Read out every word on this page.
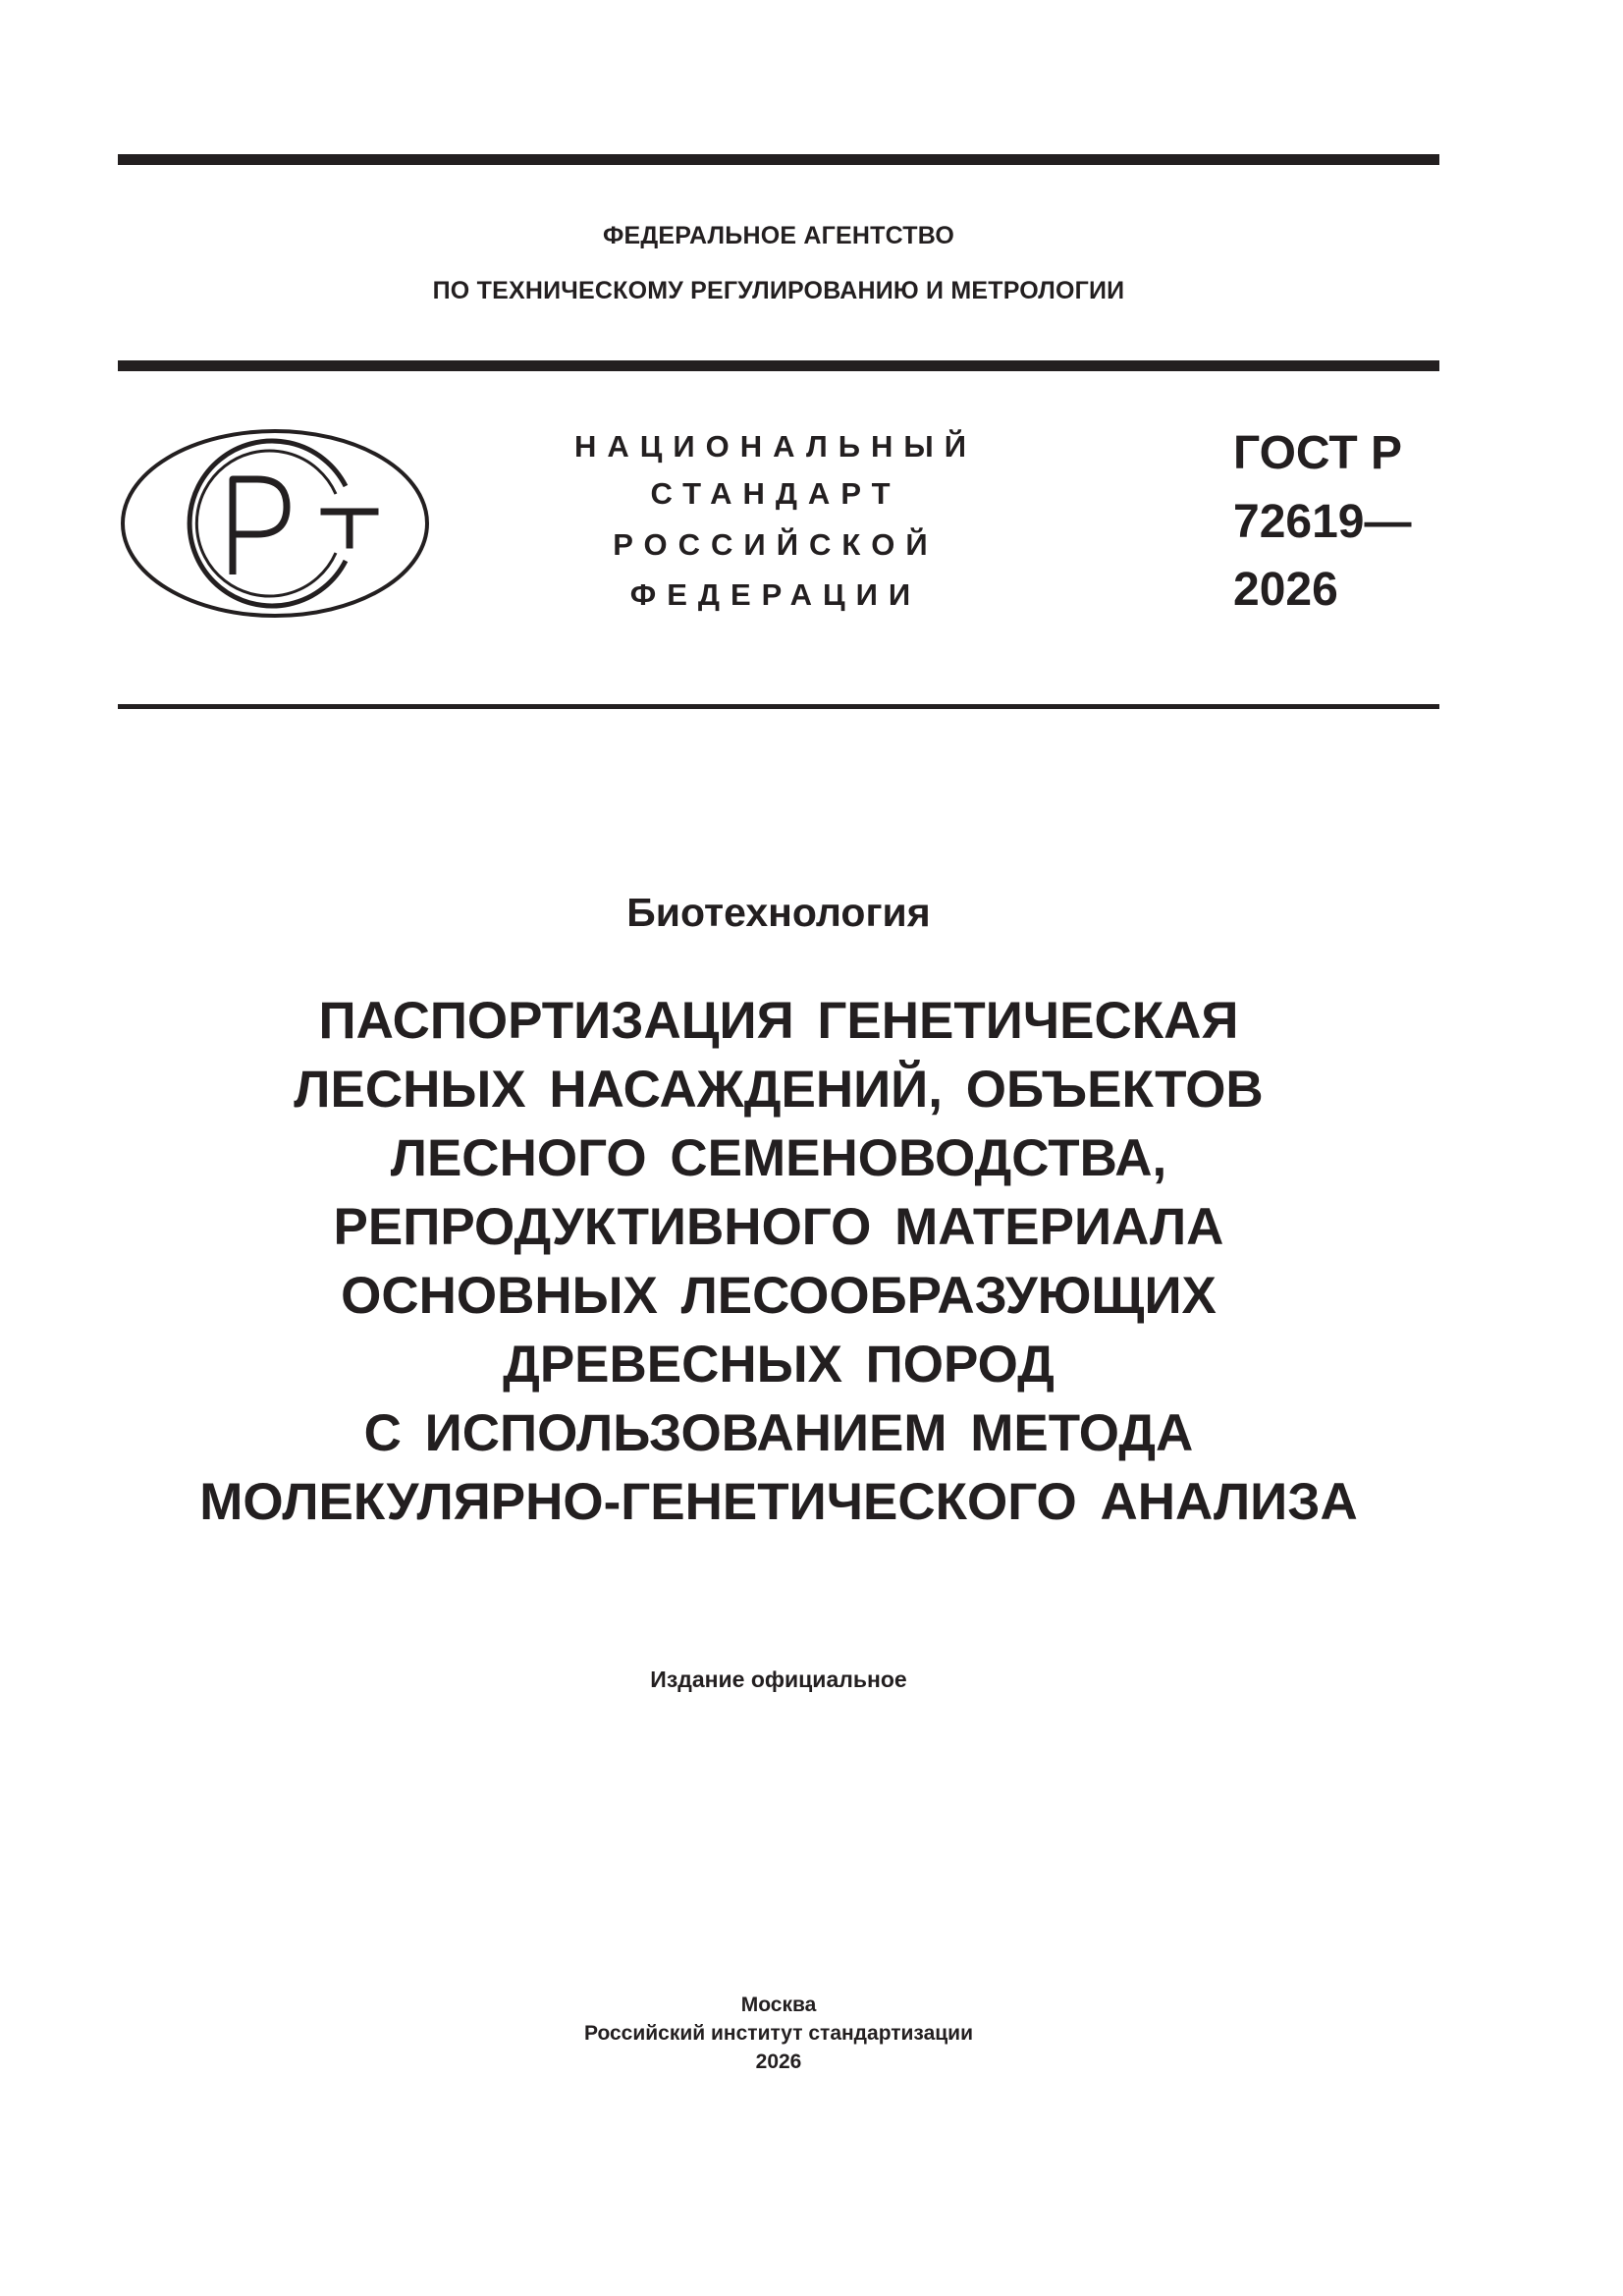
ФЕДЕРАЛЬНОЕ АГЕНТСТВО
ПО ТЕХНИЧЕСКОМУ РЕГУЛИРОВАНИЮ И МЕТРОЛОГИИ
НАЦИОНАЛЬНЫЙ
СТАНДАРТ
РОССИЙСКОЙ
ФЕДЕРАЦИИ
ГОСТ Р
72619—
2026
Биотехнология
ПАСПОРТИЗАЦИЯ ГЕНЕТИЧЕСКАЯ
ЛЕСНЫХ НАСАЖДЕНИЙ, ОБЪЕКТОВ
ЛЕСНОГО СЕМЕНОВОДСТВА,
РЕПРОДУКТИВНОГО МАТЕРИАЛА
ОСНОВНЫХ ЛЕСООБРАЗУЮЩИХ
ДРЕВЕСНЫХ ПОРОД
С ИСПОЛЬЗОВАНИЕМ МЕТОДА
МОЛЕКУЛЯРНО-ГЕНЕТИЧЕСКОГО АНАЛИЗА
Издание официальное
Москва
Российский институт стандартизации
2026
